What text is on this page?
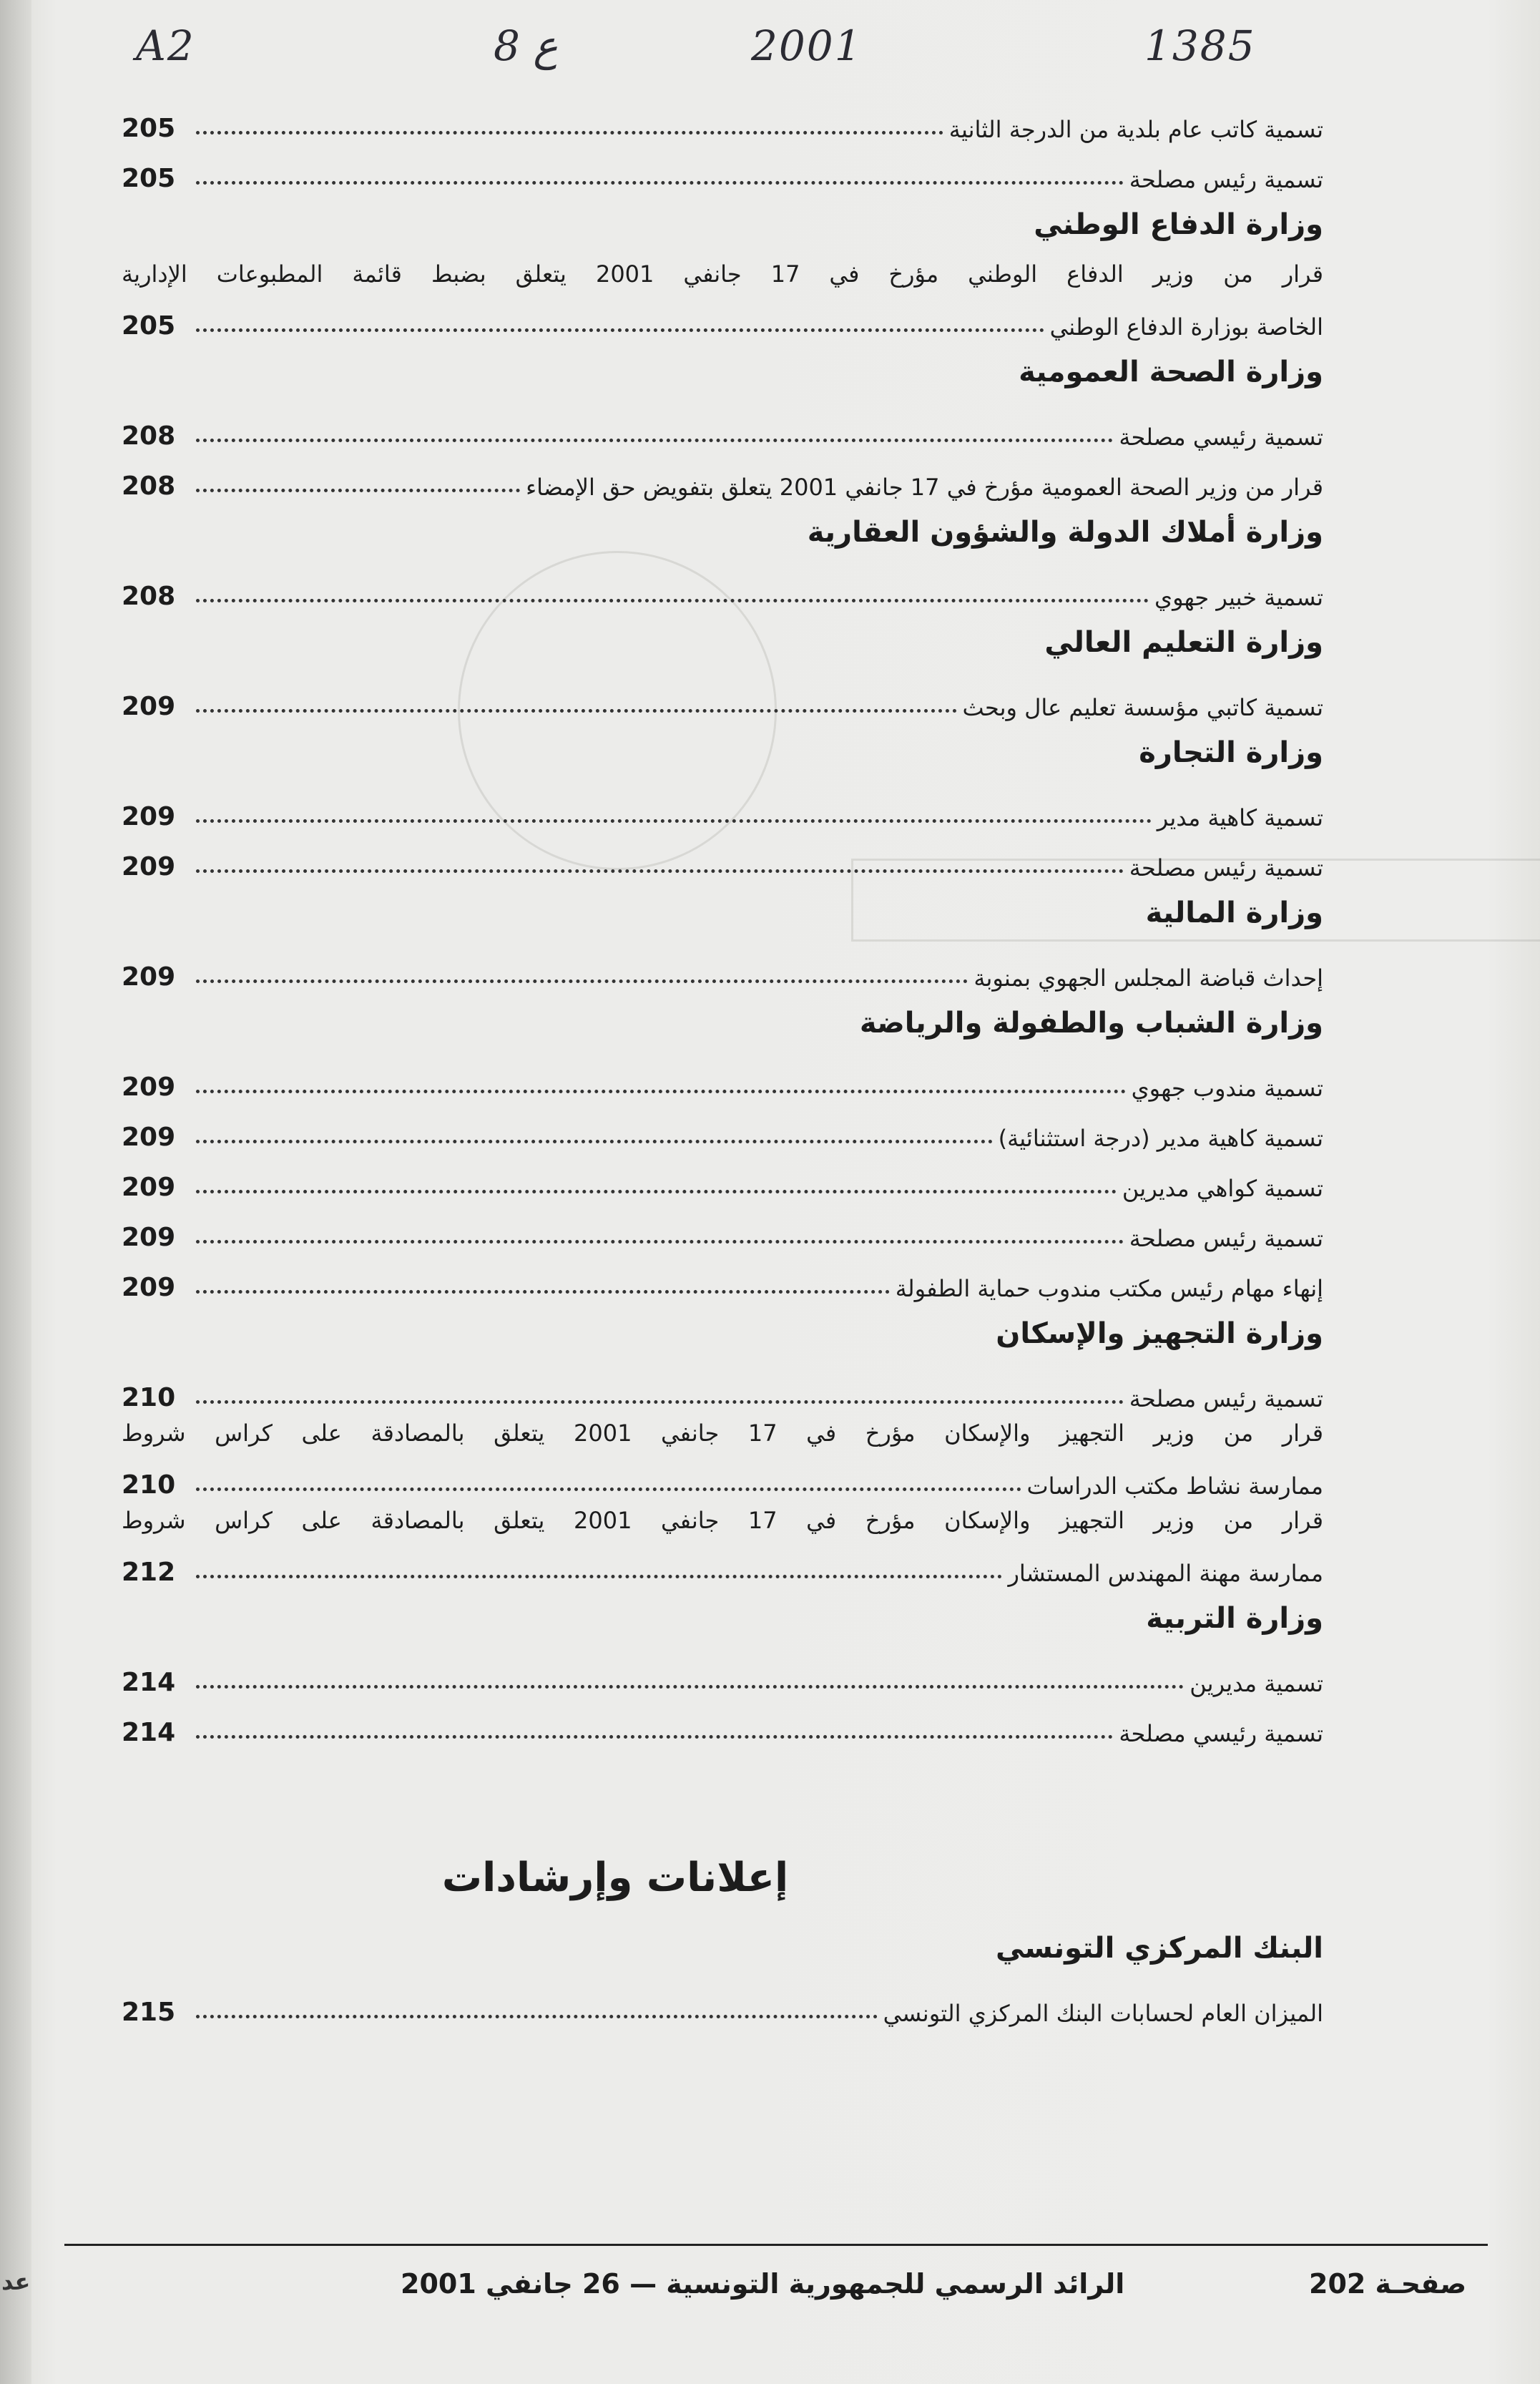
A2	8 ع	2001	1385
205	تسمية كاتب عام بلدية من الدرجة الثانية
205	تسمية رئيس مصلحة
وزارة الدفاع الوطني
قرار من وزير الدفاع الوطني مؤرخ في 17 جانفي 2001 يتعلق بضبط قائمة المطبوعات الإدارية
205	الخاصة بوزارة الدفاع الوطني
وزارة الصحة العمومية
208	تسمية رئيسي مصلحة
208	قرار من وزير الصحة العمومية مؤرخ في 17 جانفي 2001 يتعلق بتفويض حق الإمضاء
وزارة أملاك الدولة والشؤون العقارية
208	تسمية خبير جهوي
وزارة التعليم العالي
209	تسمية كاتبي مؤسسة تعليم عال وبحث
وزارة التجارة
209	تسمية كاهية مدير
209	تسمية رئيس مصلحة
وزارة المالية
209	إحداث قباضة المجلس الجهوي بمنوبة
وزارة الشباب والطفولة والرياضة
209	تسمية مندوب جهوي
209	تسمية كاهية مدير (درجة استثنائية)
209	تسمية كواهي مديرين
209	تسمية رئيس مصلحة
209	إنهاء مهام رئيس مكتب مندوب حماية الطفولة
وزارة التجهيز والإسكان
210	تسمية رئيس مصلحة
قرار من وزير التجهيز والإسكان مؤرخ في 17 جانفي 2001 يتعلق بالمصادقة على كراس شروط
210	ممارسة نشاط مكتب الدراسات
قرار من وزير التجهيز والإسكان مؤرخ في 17 جانفي 2001 يتعلق بالمصادقة على كراس شروط
212	ممارسة مهنة المهندس المستشار
وزارة التربية
214	تسمية مديرين
214	تسمية رئيسي مصلحة
إعلانات وإرشادات
البنك المركزي التونسي
215	الميزان العام لحسابات البنك المركزي التونسي
عد	الرائد الرسمي للجمهورية التونسية — 26 جانفي 2001	صفحـة 202
